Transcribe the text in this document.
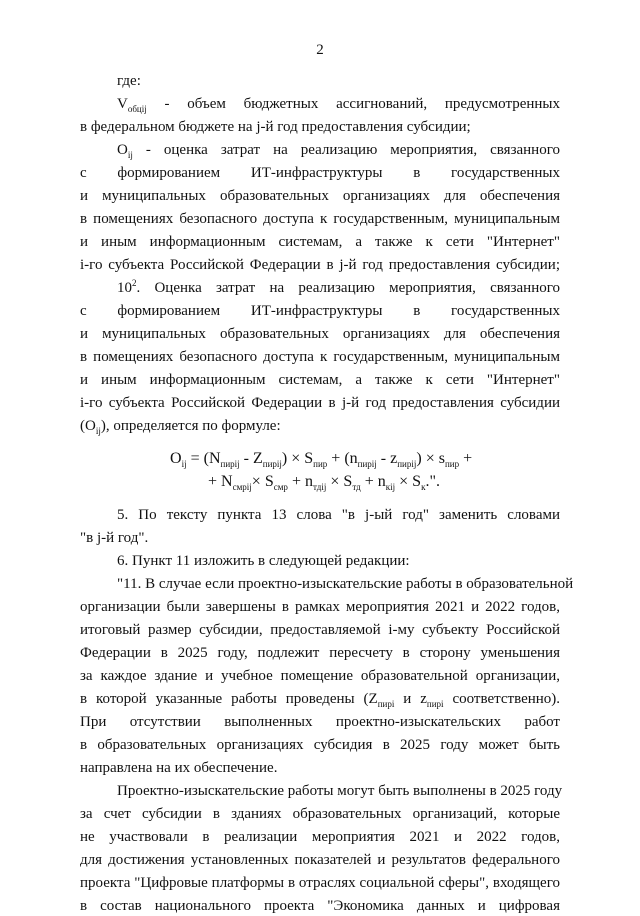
2
где:
$V_{обцij}$ - объем бюджетных ассигнований, предусмотренных
в федеральном бюджете на j-й год предоставления субсидии;
$O_{ij}$ - оценка затрат на реализацию мероприятия, связанного
с формированием ИТ-инфраструктуры в государственных
и муниципальных образовательных организациях для обеспечения
в помещениях безопасного доступа к государственным, муниципальным
и иным информационным системам, а также к сети "Интернет"
i-го субъекта Российской Федерации в j-й год предоставления субсидии;
$10^2$. Оценка затрат на реализацию мероприятия, связанного
с формированием ИТ-инфраструктуры в государственных
и муниципальных образовательных организациях для обеспечения
в помещениях безопасного доступа к государственным, муниципальным
и иным информационным системам, а также к сети "Интернет"
i-го субъекта Российской Федерации в j-й год предоставления субсидии
$(O_{ij})$, определяется по формуле:
$O_{ij} = (N_{пирij} - Z_{пирij}) \times S_{пир} + (n_{пирij} - z_{пирij}) \times s_{пир}$ +
+ $N_{смрij}\times S_{смр} + n_{тдij} \times S_{тд} + n_{кij} \times S_к$.".
5. По тексту пункта 13 слова "в j-ый год" заменить словами
"в j-й год".
6. Пункт 11 изложить в следующей редакции:
"11. В случае если проектно-изыскательские работы в образовательной
организации были завершены в рамках мероприятия 2021 и 2022 годов,
итоговый размер субсидии, предоставляемой i-му субъекту Российской
Федерации в 2025 году, подлежит пересчету в сторону уменьшения
за каждое здание и учебное помещение образовательной организации,
в которой указанные работы проведены ($Z_{пирi}$ и $z_{пирi}$ соответственно).
При отсутствии выполненных проектно-изыскательских работ
в образовательных организациях субсидия в 2025 году может быть
направлена на их обеспечение.
Проектно-изыскательские работы могут быть выполнены в 2025 году
за счет субсидии в зданиях образовательных организаций, которые
не участвовали в реализации мероприятия 2021 и 2022 годов,
для достижения установленных показателей и результатов федерального
проекта "Цифровые платформы в отраслях социальной сферы", входящего
в состав национального проекта "Экономика данных и цифровая
